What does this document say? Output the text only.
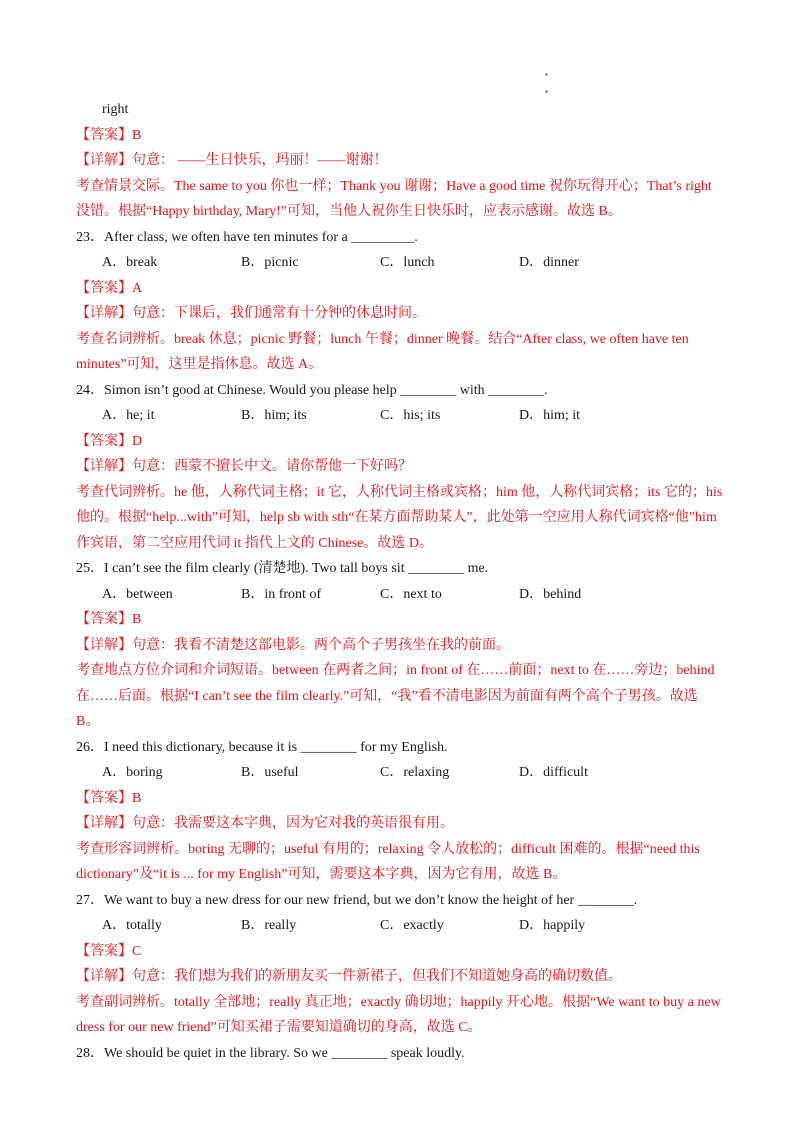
right
【答案】B
【详解】句意： ——生日快乐，玛丽！——谢谢！
考查情景交际。The same to you 你也一样；Thank you 谢谢；Have a good time 祝你玩得开心；That’s right
没错。根据“Happy birthday, Mary!”可知，当他人祝你生日快乐时，应表示感谢。故选 B。
23．After class, we often have ten minutes for a _________.
A．break	B．picnic	C．lunch	D．dinner
【答案】A
【详解】句意：下课后，我们通常有十分钟的休息时间。
考查名词辨析。break 休息；picnic 野餐；lunch 午餐；dinner 晚餐。结合“After class, we often have ten
minutes”可知，这里是指休息。故选 A。
24．Simon isn’t good at Chinese. Would you please help ________ with ________.
A．he; it	B．him; its	C．his; its	D．him; it
【答案】D
【详解】句意：西蒙不擅长中文。请你帮他一下好吗？
考查代词辨析。he 他，人称代词主格；it 它，人称代词主格或宾格；him 他，人称代词宾格；its 它的；his
他的。根据“help...with”可知，help sb with sth“在某方面帮助某人”，此处第一空应用人称代词宾格“他”him
作宾语，第二空应用代词 it 指代上文的 Chinese。故选 D。
25．I can’t see the film clearly (清楚地). Two tall boys sit ________ me.
A．between	B．in front of	C．next to	D．behind
【答案】B
【详解】句意：我看不清楚这部电影。两个高个子男孩坐在我的前面。
考查地点方位介词和介词短语。between 在两者之间；in front of 在……前面；next to 在……旁边；behind
在……后面。根据“I can’t see the film clearly.”可知，“我”看不清电影因为前面有两个高个子男孩。故选
B。
26．I need this dictionary, because it is ________ for my English.
A．boring	B．useful	C．relaxing	D．difficult
【答案】B
【详解】句意：我需要这本字典，因为它对我的英语很有用。
考查形容词辨析。boring 无聊的；useful 有用的；relaxing 令人放松的；difficult 困难的。根据“need this
dictionary”及“it is ... for my English”可知，需要这本字典，因为它有用，故选 B。
27．We want to buy a new dress for our new friend, but we don’t know the height of her ________.
A．totally	B．really	C．exactly	D．happily
【答案】C
【详解】句意：我们想为我们的新朋友买一件新裙子，但我们不知道她身高的确切数值。
考查副词辨析。totally 全部地；really 真正地；exactly 确切地；happily 开心地。根据“We want to buy a new
dress for our new friend”可知买裙子需要知道确切的身高，故选 C。
28．We should be quiet in the library. So we ________ speak loudly.
